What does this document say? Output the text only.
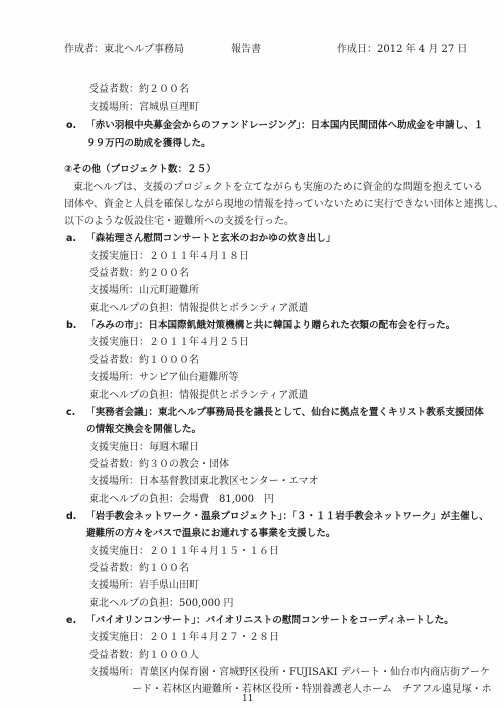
作成者：東北ヘルプ事務局	報告書	作成日：2012 年 4 月 27 日
受益者数：約２００名
支援場所：宮城県亘理町
o. 「赤い羽根中央募金会からのファンドレージング」：日本国内民間団体へ助成金を申請し、１
９９万円の助成を獲得した。
②その他（プロジェクト数：２５）
東北ヘルプは、支援のプロジェクトを立てながらも実施のために資金的な問題を抱えている
団体や、資金と人員を確保しながら現地の情報を持っていないために実行できない団体と連携し、
以下のような仮設住宅・避難所への支援を行った。
a. 「森祐理さん慰問コンサートと玄米のおかゆの炊き出し」
支援実施日：２０１１年４月１８日
受益者数：約２００名
支援場所：山元町避難所
東北ヘルプの負担：情報提供とボランティア派遣
b. 「みみの市」：日本国際飢餓対策機構と共に韓国より贈られた衣類の配布会を行った。
支援実施日：２０１１年４月２５日
受益者数：約１０００名
支援場所：サンピア仙台避難所等
東北ヘルプの負担：情報提供とボランティア派遣
c. 「実務者会議」：東北ヘルプ事務局長を議長として、仙台に拠点を置くキリスト教系支援団体
の情報交換会を開催した。
支援実施日：毎週木曜日
受益者数：約３０の教会・団体
支援場所：日本基督教団東北教区センター・エマオ
東北ヘルプの負担：会場費　81,000　円
d. 「岩手教会ネットワーク・温泉プロジェクト」：「３・１１岩手教会ネットワーク」が主催し、
避難所の方々をバスで温泉にお連れする事業を支援した。
支援実施日：２０１１年４月１５・１６日
受益者数：約１００名
支援場所：岩手県山田町
東北ヘルプの負担：500,000 円
e. 「バイオリンコンサート」：バイオリニストの慰問コンサートをコーディネートした。
支援実施日：２０１１年４月２７・２８日
受益者数：約１０００人
支援場所：青葉区内保育園・宮城野区役所・FUJISAKI デパート・仙台市内商店街アーケ
ード・若林区内避難所・若林区役所・特別養護老人ホーム　チアフル遠見塚・ホ
11
